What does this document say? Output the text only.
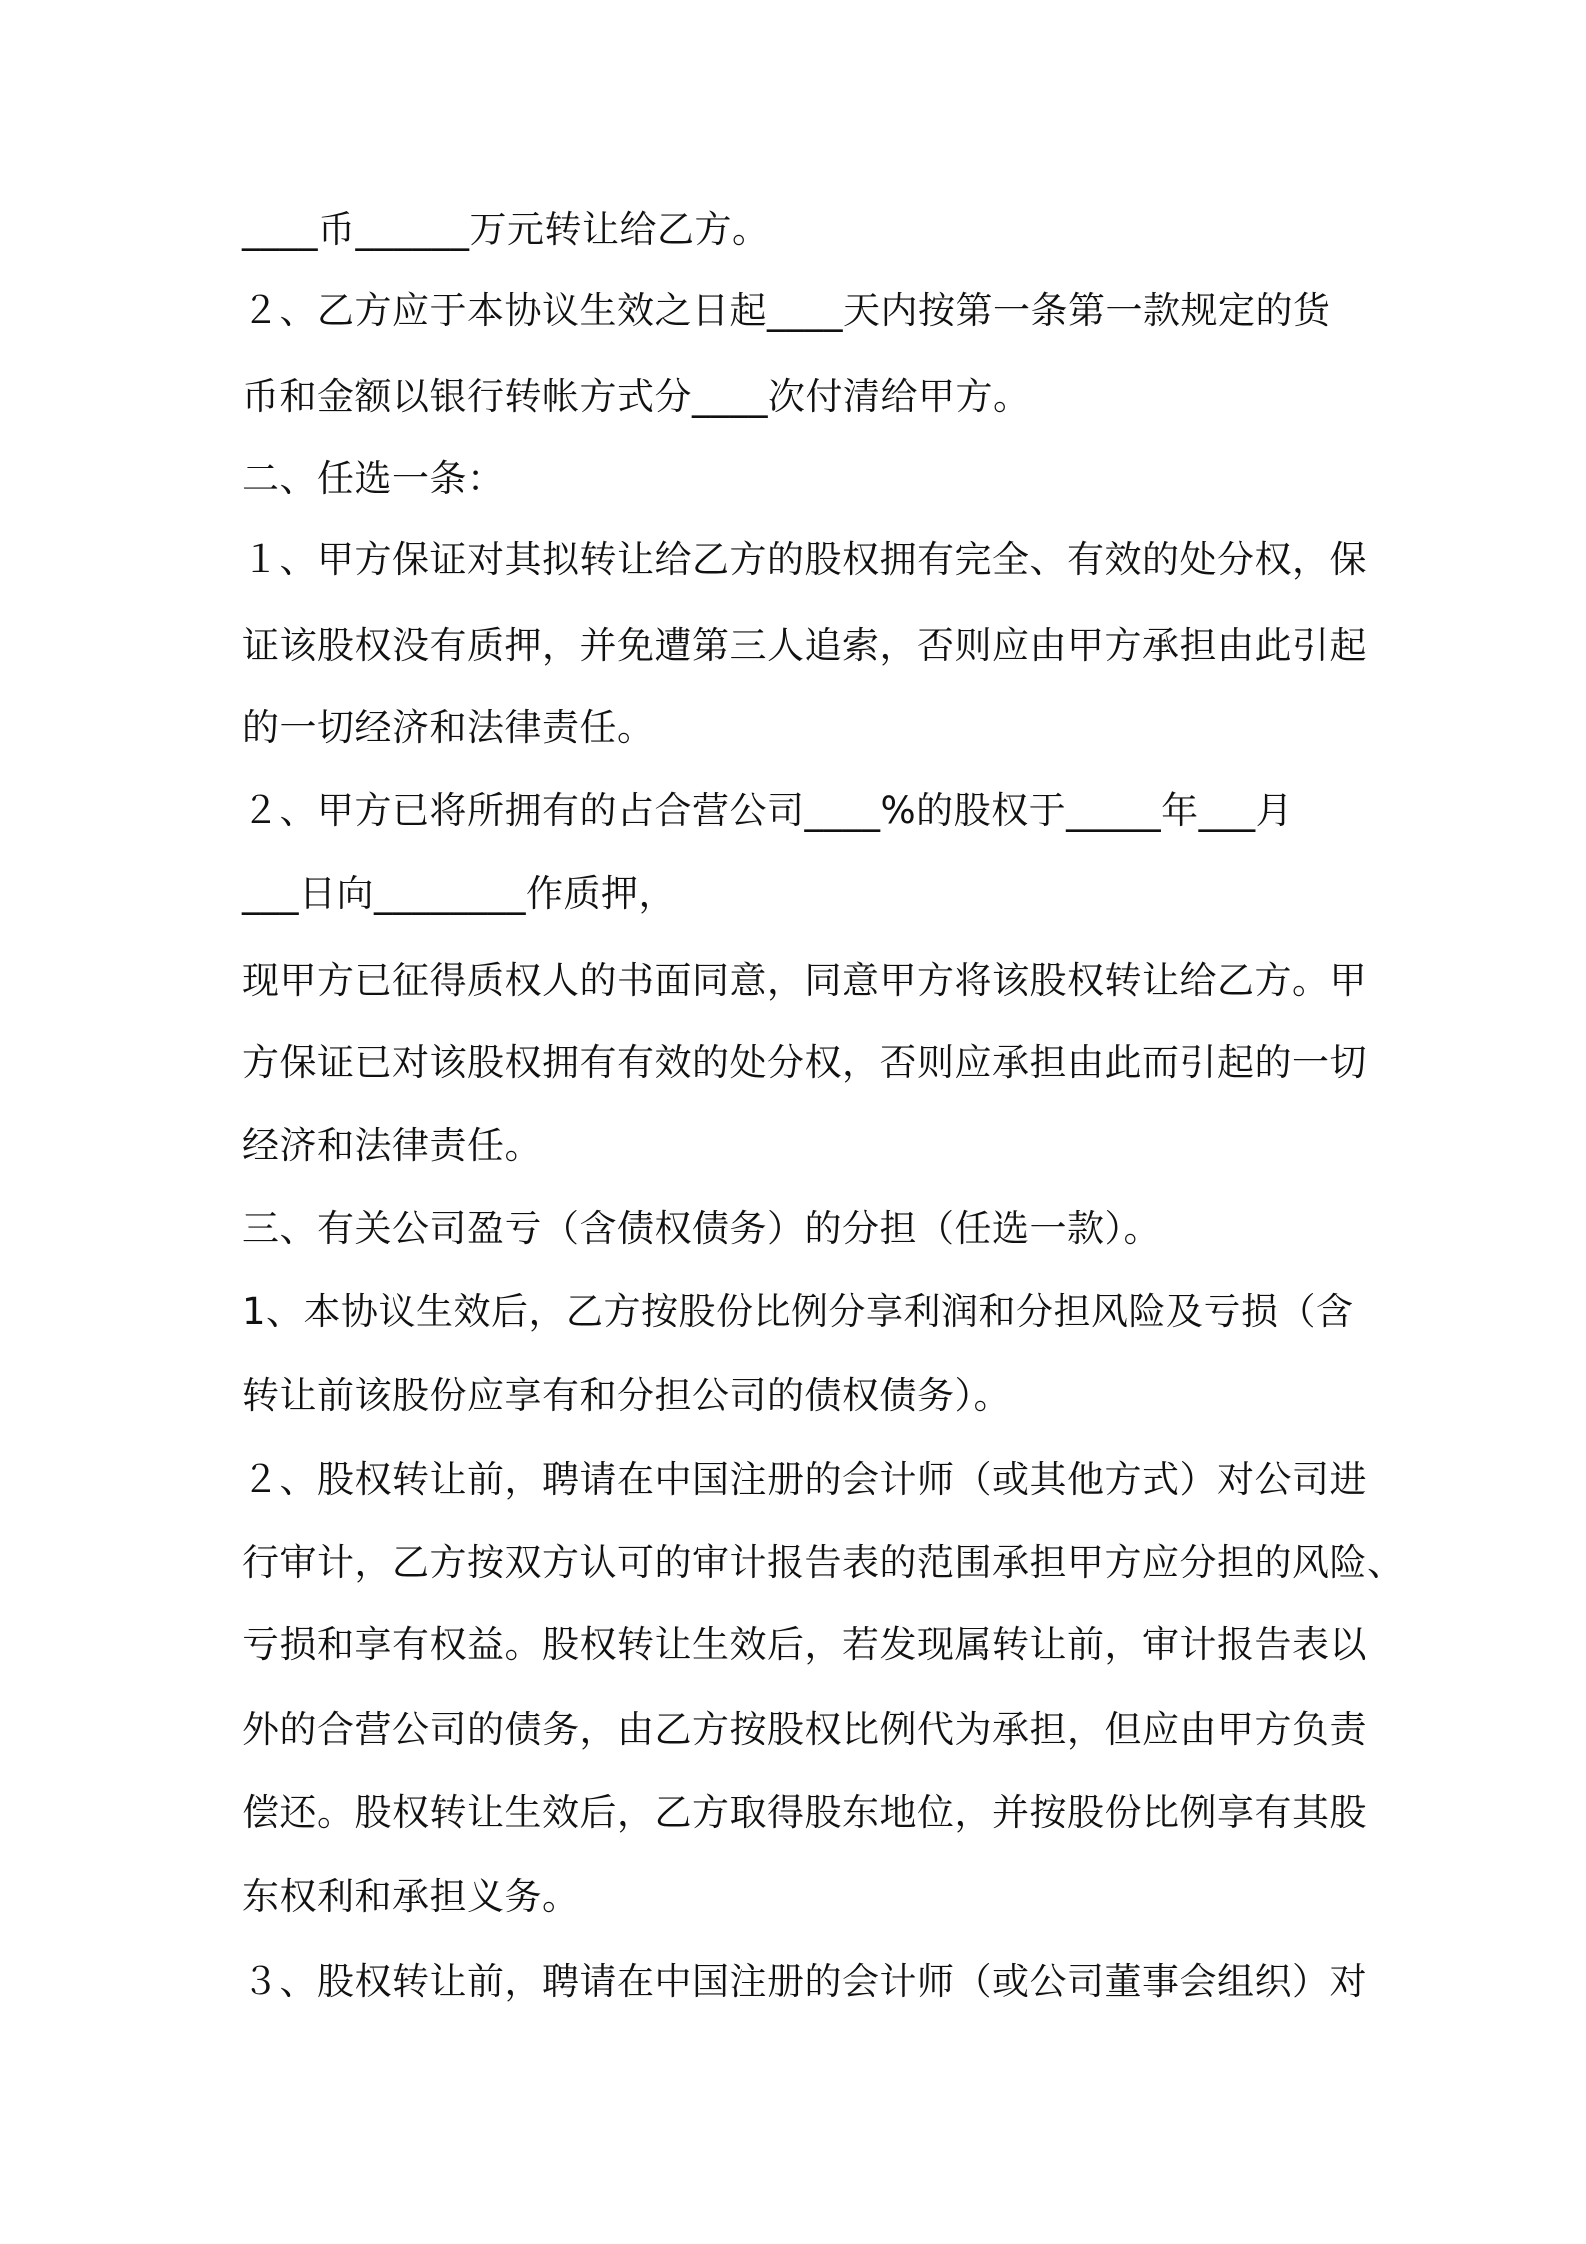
____币______万元转让给乙方。
２、乙方应于本协议生效之日起____天内按第一条第一款规定的货
币和金额以银行转帐方式分____次付清给甲方。
二、任选一条：
１、甲方保证对其拟转让给乙方的股权拥有完全、有效的处分权，保
证该股权没有质押，并免遭第三人追索，否则应由甲方承担由此引起
的一切经济和法律责任。
２、甲方已将所拥有的占合营公司____%的股权于_____年___月
___日向________作质押，
现甲方已征得质权人的书面同意，同意甲方将该股权转让给乙方。甲
方保证已对该股权拥有有效的处分权，否则应承担由此而引起的一切
经济和法律责任。
三、有关公司盈亏（含债权债务）的分担（任选一款）。
1、本协议生效后，乙方按股份比例分享利润和分担风险及亏损（含
转让前该股份应享有和分担公司的债权债务）。
２、股权转让前，聘请在中国注册的会计师（或其他方式）对公司进
行审计，乙方按双方认可的审计报告表的范围承担甲方应分担的风险、
亏损和享有权益。股权转让生效后，若发现属转让前，审计报告表以
外的合营公司的债务，由乙方按股权比例代为承担，但应由甲方负责
偿还。股权转让生效后，乙方取得股东地位，并按股份比例享有其股
东权利和承担义务。
３、股权转让前，聘请在中国注册的会计师（或公司董事会组织）对
